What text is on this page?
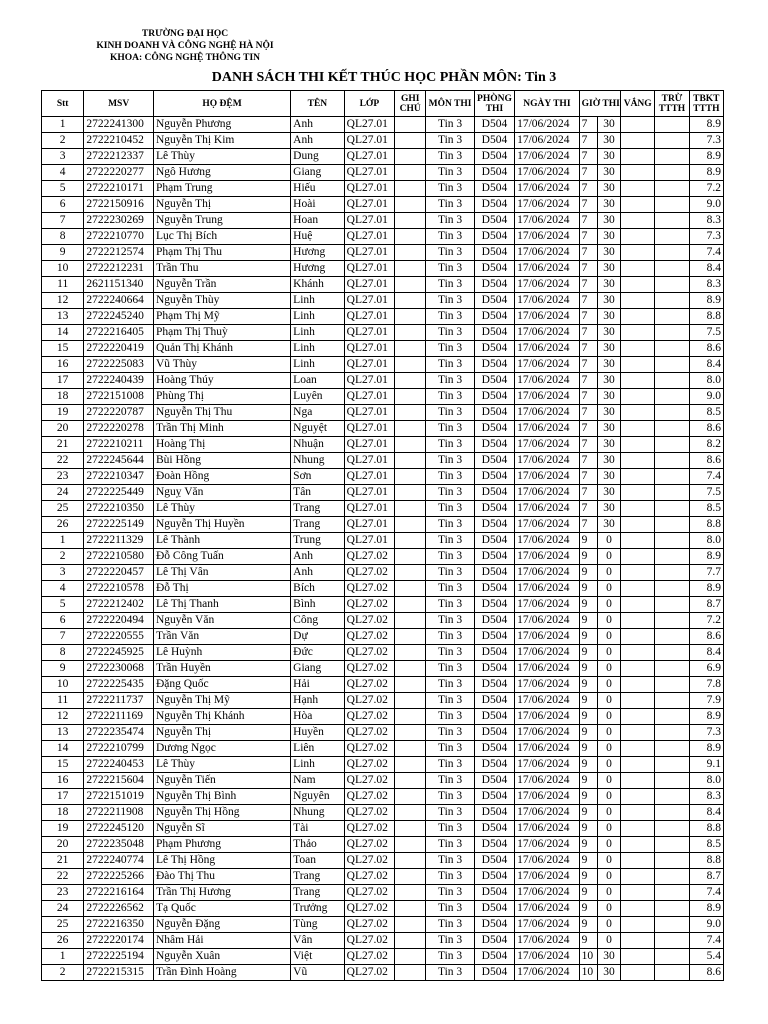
TRƯỜNG ĐẠI HỌC
KINH DOANH VÀ CÔNG NGHỆ HÀ NỘI
KHOA: CÔNG NGHỆ THÔNG TIN
DANH SÁCH THI KẾT THÚC HỌC PHẦN MÔN: Tin 3
Stt	MSV	HỌ ĐỆM	TÊN	LỚP	GHI CHÚ	MÔN THI	PHÒNG THI	NGÀY THI	GIỜ THI		VẮNG	TRỪ TTTH	TBKT TTTH
1	2722241300	Nguyễn Phương	Anh	QL27.01		Tin 3	D504	17/06/2024	7	30			8.9
2	2722210452	Nguyễn Thị Kim	Anh	QL27.01		Tin 3	D504	17/06/2024	7	30			7.3
3	2722212337	Lê Thùy	Dung	QL27.01		Tin 3	D504	17/06/2024	7	30			8.9
4	2722220277	Ngô Hương	Giang	QL27.01		Tin 3	D504	17/06/2024	7	30			8.9
5	2722210171	Phạm Trung	Hiếu	QL27.01		Tin 3	D504	17/06/2024	7	30			7.2
6	2722150916	Nguyễn Thị	Hoài	QL27.01		Tin 3	D504	17/06/2024	7	30			9.0
7	2722230269	Nguyễn Trung	Hoan	QL27.01		Tin 3	D504	17/06/2024	7	30			8.3
8	2722210770	Lục Thị Bích	Huệ	QL27.01		Tin 3	D504	17/06/2024	7	30			7.3
9	2722212574	Phạm Thị Thu	Hương	QL27.01		Tin 3	D504	17/06/2024	7	30			7.4
10	2722212231	Trần Thu	Hương	QL27.01		Tin 3	D504	17/06/2024	7	30			8.4
11	2621151340	Nguyễn Trần	Khánh	QL27.01		Tin 3	D504	17/06/2024	7	30			8.3
12	2722240664	Nguyễn Thùy	Linh	QL27.01		Tin 3	D504	17/06/2024	7	30			8.9
13	2722245240	Phạm Thị Mỹ	Linh	QL27.01		Tin 3	D504	17/06/2024	7	30			8.8
14	2722216405	Phạm Thị Thuỳ	Linh	QL27.01		Tin 3	D504	17/06/2024	7	30			7.5
15	2722220419	Quản Thị Khánh	Linh	QL27.01		Tin 3	D504	17/06/2024	7	30			8.6
16	2722225083	Vũ Thùy	Linh	QL27.01		Tin 3	D504	17/06/2024	7	30			8.4
17	2722240439	Hoàng Thúy	Loan	QL27.01		Tin 3	D504	17/06/2024	7	30			8.0
18	2722151008	Phùng Thị	Luyên	QL27.01		Tin 3	D504	17/06/2024	7	30			9.0
19	2722220787	Nguyễn Thị Thu	Nga	QL27.01		Tin 3	D504	17/06/2024	7	30			8.5
20	2722220278	Trần Thị Minh	Nguyệt	QL27.01		Tin 3	D504	17/06/2024	7	30			8.6
21	2722210211	Hoàng Thị	Nhuận	QL27.01		Tin 3	D504	17/06/2024	7	30			8.2
22	2722245644	Bùi Hồng	Nhung	QL27.01		Tin 3	D504	17/06/2024	7	30			8.6
23	2722210347	Đoàn Hồng	Sơn	QL27.01		Tin 3	D504	17/06/2024	7	30			7.4
24	2722225449	Nguỵ Văn	Tân	QL27.01		Tin 3	D504	17/06/2024	7	30			7.5
25	2722210350	Lê Thùy	Trang	QL27.01		Tin 3	D504	17/06/2024	7	30			8.5
26	2722225149	Nguyễn Thị Huyền	Trang	QL27.01		Tin 3	D504	17/06/2024	7	30			8.8
1	2722211329	Lê Thành	Trung	QL27.01		Tin 3	D504	17/06/2024	9	0			8.0
2	2722210580	Đỗ Công Tuấn	Anh	QL27.02		Tin 3	D504	17/06/2024	9	0			8.9
3	2722220457	Lê Thị Vân	Anh	QL27.02		Tin 3	D504	17/06/2024	9	0			7.7
4	2722210578	Đỗ Thị	Bích	QL27.02		Tin 3	D504	17/06/2024	9	0			8.9
5	2722212402	Lê Thị Thanh	Bình	QL27.02		Tin 3	D504	17/06/2024	9	0			8.7
6	2722220494	Nguyễn Văn	Công	QL27.02		Tin 3	D504	17/06/2024	9	0			7.2
7	2722220555	Trần Văn	Dự	QL27.02		Tin 3	D504	17/06/2024	9	0			8.6
8	2722245925	Lê Huỳnh	Đức	QL27.02		Tin 3	D504	17/06/2024	9	0			8.4
9	2722230068	Trần Huyền	Giang	QL27.02		Tin 3	D504	17/06/2024	9	0			6.9
10	2722225435	Đặng Quốc	Hải	QL27.02		Tin 3	D504	17/06/2024	9	0			7.8
11	2722211737	Nguyễn Thị Mỹ	Hạnh	QL27.02		Tin 3	D504	17/06/2024	9	0			7.9
12	2722211169	Nguyễn Thị Khánh	Hòa	QL27.02		Tin 3	D504	17/06/2024	9	0			8.9
13	2722235474	Nguyễn Thị	Huyền	QL27.02		Tin 3	D504	17/06/2024	9	0			7.3
14	2722210799	Dương Ngọc	Liên	QL27.02		Tin 3	D504	17/06/2024	9	0			8.9
15	2722240453	Lê Thùy	Linh	QL27.02		Tin 3	D504	17/06/2024	9	0			9.1
16	2722215604	Nguyễn Tiến	Nam	QL27.02		Tin 3	D504	17/06/2024	9	0			8.0
17	2722151019	Nguyễn Thị Bình	Nguyên	QL27.02		Tin 3	D504	17/06/2024	9	0			8.3
18	2722211908	Nguyễn Thị Hồng	Nhung	QL27.02		Tin 3	D504	17/06/2024	9	0			8.4
19	2722245120	Nguyễn Sĩ	Tài	QL27.02		Tin 3	D504	17/06/2024	9	0			8.8
20	2722235048	Phạm Phương	Thảo	QL27.02		Tin 3	D504	17/06/2024	9	0			8.5
21	2722240774	Lê Thị Hồng	Toan	QL27.02		Tin 3	D504	17/06/2024	9	0			8.8
22	2722225266	Đào Thị Thu	Trang	QL27.02		Tin 3	D504	17/06/2024	9	0			8.7
23	2722216164	Trần Thị Hương	Trang	QL27.02		Tin 3	D504	17/06/2024	9	0			7.4
24	2722226562	Tạ Quốc	Trưởng	QL27.02		Tin 3	D504	17/06/2024	9	0			8.9
25	2722216350	Nguyễn Đặng	Tùng	QL27.02		Tin 3	D504	17/06/2024	9	0			9.0
26	2722220174	Nhâm Hải	Vân	QL27.02		Tin 3	D504	17/06/2024	9	0			7.4
1	2722225194	Nguyễn Xuân	Việt	QL27.02		Tin 3	D504	17/06/2024	10	30			5.4
2	2722215315	Trần Đình Hoàng	Vũ	QL27.02		Tin 3	D504	17/06/2024	10	30			8.6
